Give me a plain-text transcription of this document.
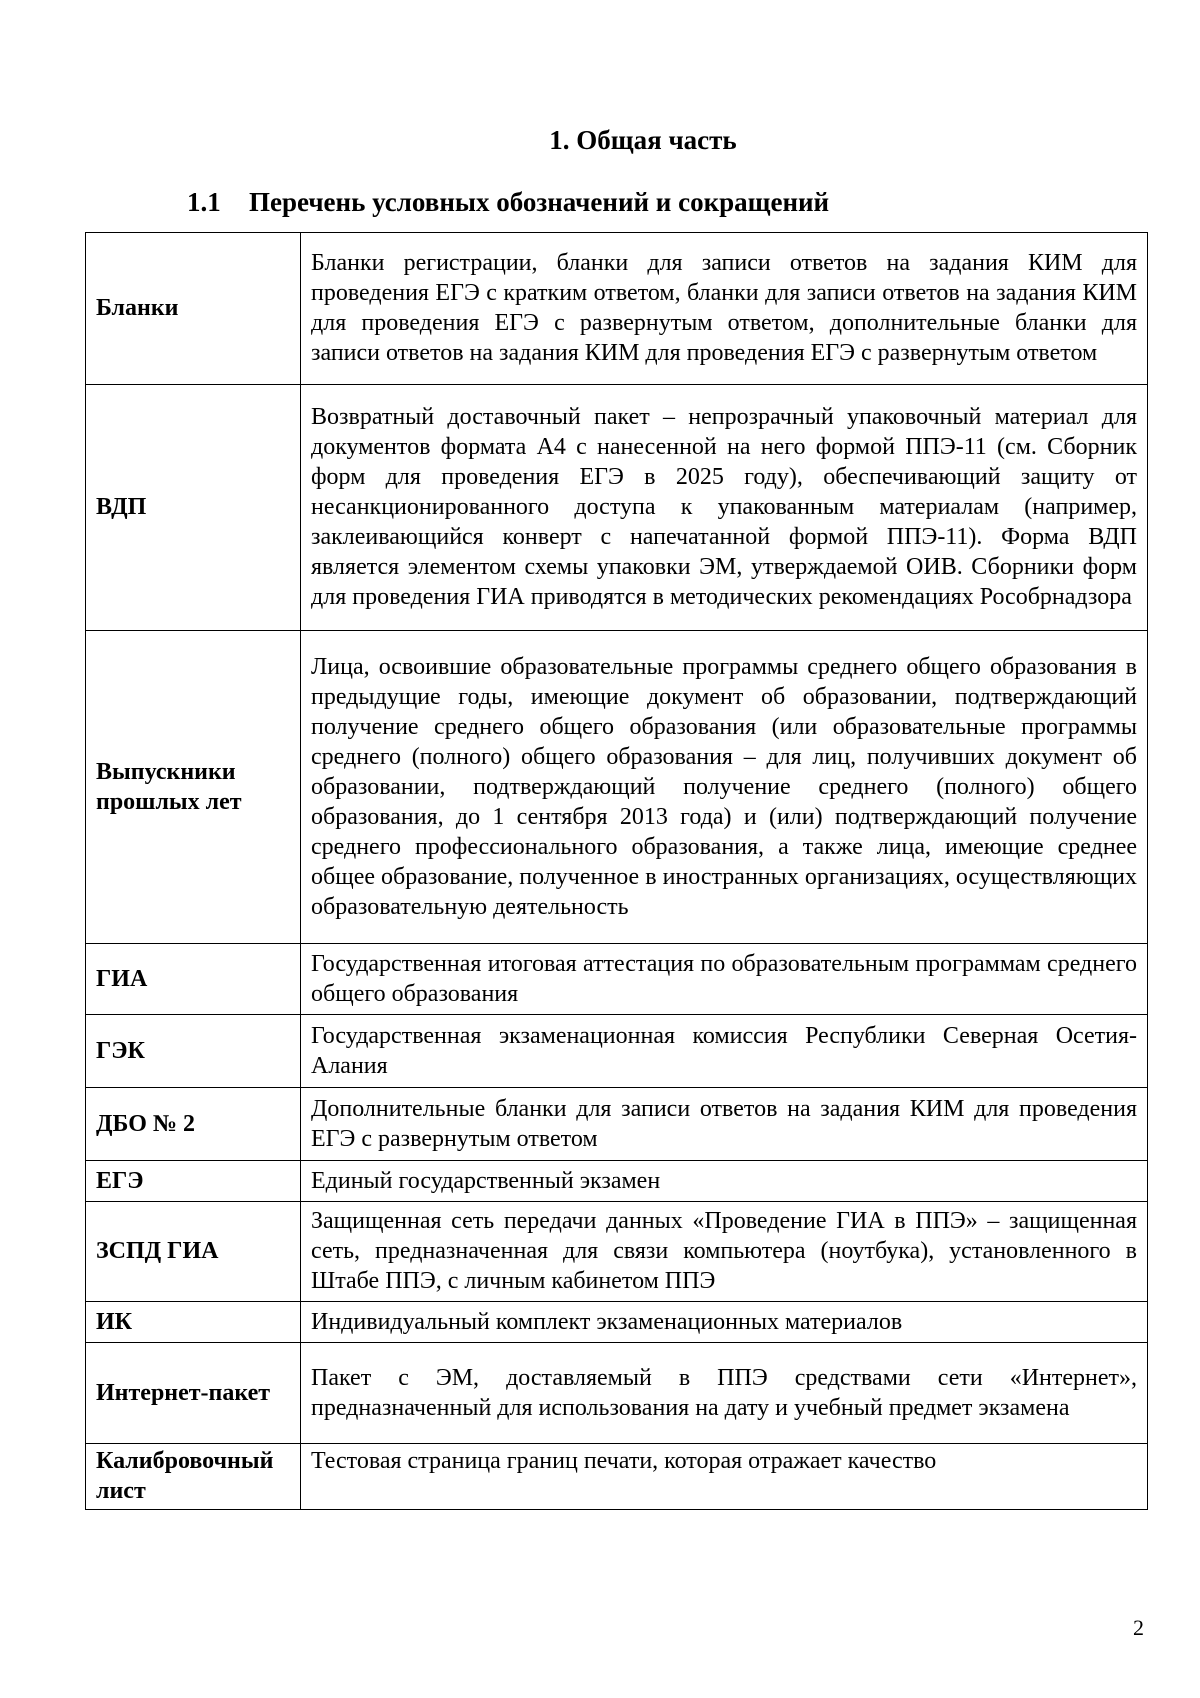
1. Общая часть
1.1 Перечень условных обозначений и сокращений
Бланки	Бланки регистрации, бланки для записи ответов на задания КИМ для проведения ЕГЭ с кратким ответом, бланки для записи ответов на задания КИМ для проведения ЕГЭ с развернутым ответом, дополнительные бланки для записи ответов на задания КИМ для проведения ЕГЭ с развернутым ответом
ВДП	Возвратный доставочный пакет – непрозрачный упаковочный материал для документов формата А4 с нанесенной на него формой ППЭ-11 (см. Сборник форм для проведения ЕГЭ в 2025 году), обеспечивающий защиту от несанкционированного доступа к упакованным материалам (например, заклеивающийся конверт с напечатанной формой ППЭ-11). Форма ВДП является элементом схемы упаковки ЭМ, утверждаемой ОИВ. Сборники форм для проведения ГИА приводятся в методических рекомендациях Рособрнадзора
Выпускники прошлых лет	Лица, освоившие образовательные программы среднего общего образования в предыдущие годы, имеющие документ об образовании, подтверждающий получение среднего общего образования (или образовательные программы среднего (полного) общего образования – для лиц, получивших документ об образовании, подтверждающий получение среднего (полного) общего образования, до 1 сентября 2013 года) и (или) подтверждающий получение среднего профессионального образования, а также лица, имеющие среднее общее образование, полученное в иностранных организациях, осуществляющих образовательную деятельность
ГИА	Государственная итоговая аттестация по образовательным программам среднего общего образования
ГЭК	Государственная экзаменационная комиссия Республики Северная Осетия-Алания
ДБО № 2	Дополнительные бланки для записи ответов на задания КИМ для проведения ЕГЭ с развернутым ответом
ЕГЭ	Единый государственный экзамен
ЗСПД ГИА	Защищенная сеть передачи данных «Проведение ГИА в ППЭ» – защищенная сеть, предназначенная для связи компьютера (ноутбука), установленного в Штабе ППЭ, с личным кабинетом ППЭ
ИК	Индивидуальный комплект экзаменационных материалов
Интернет-пакет	Пакет с ЭМ, доставляемый в ППЭ средствами сети «Интернет», предназначенный для использования на дату и учебный предмет экзамена
Калибровочный лист	Тестовая страница границ печати, которая отражает качество
2
